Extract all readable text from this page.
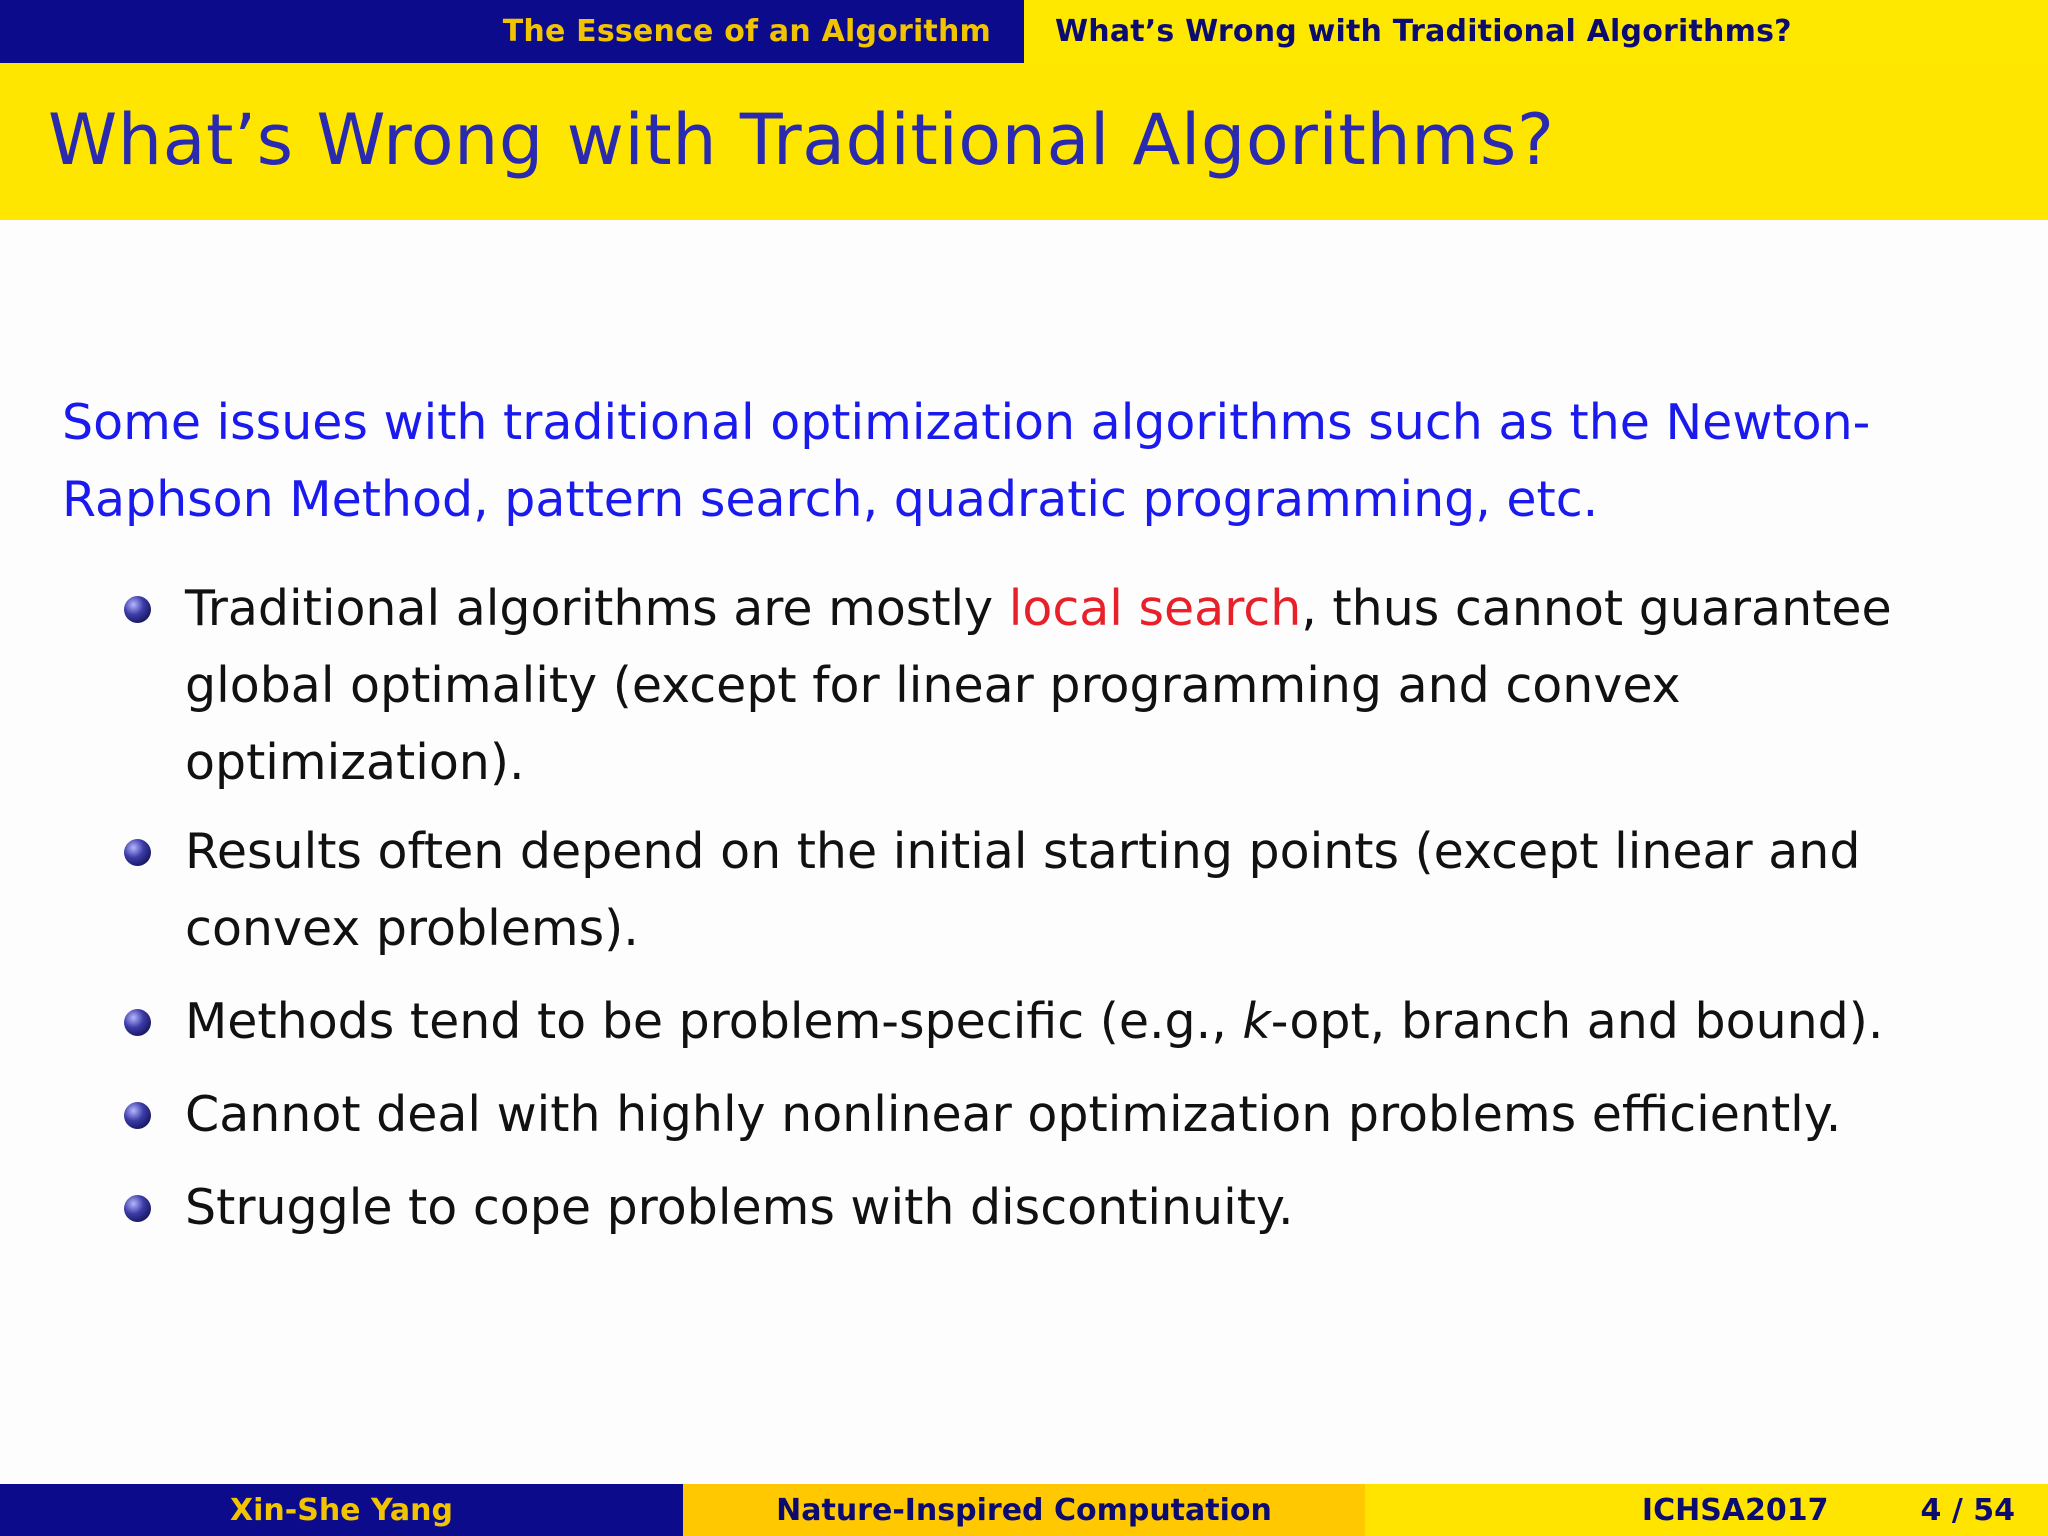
The Essence of an Algorithm What’s Wrong with Traditional Algorithms?
What’s Wrong with Traditional Algorithms?

Some issues with traditional optimization algorithms such as the Newton-Raphson Method, pattern search, quadratic programming, etc.

Traditional algorithms are mostly local search, thus cannot guarantee global optimality (except for linear programming and convex optimization).
Results often depend on the initial starting points (except linear and convex problems).
Methods tend to be problem-specific (e.g., k-opt, branch and bound).
Cannot deal with highly nonlinear optimization problems efficiently.
Struggle to cope problems with discontinuity.
Xin-She Yang	Nature-Inspired Computation	ICHSA2017	4 / 54
